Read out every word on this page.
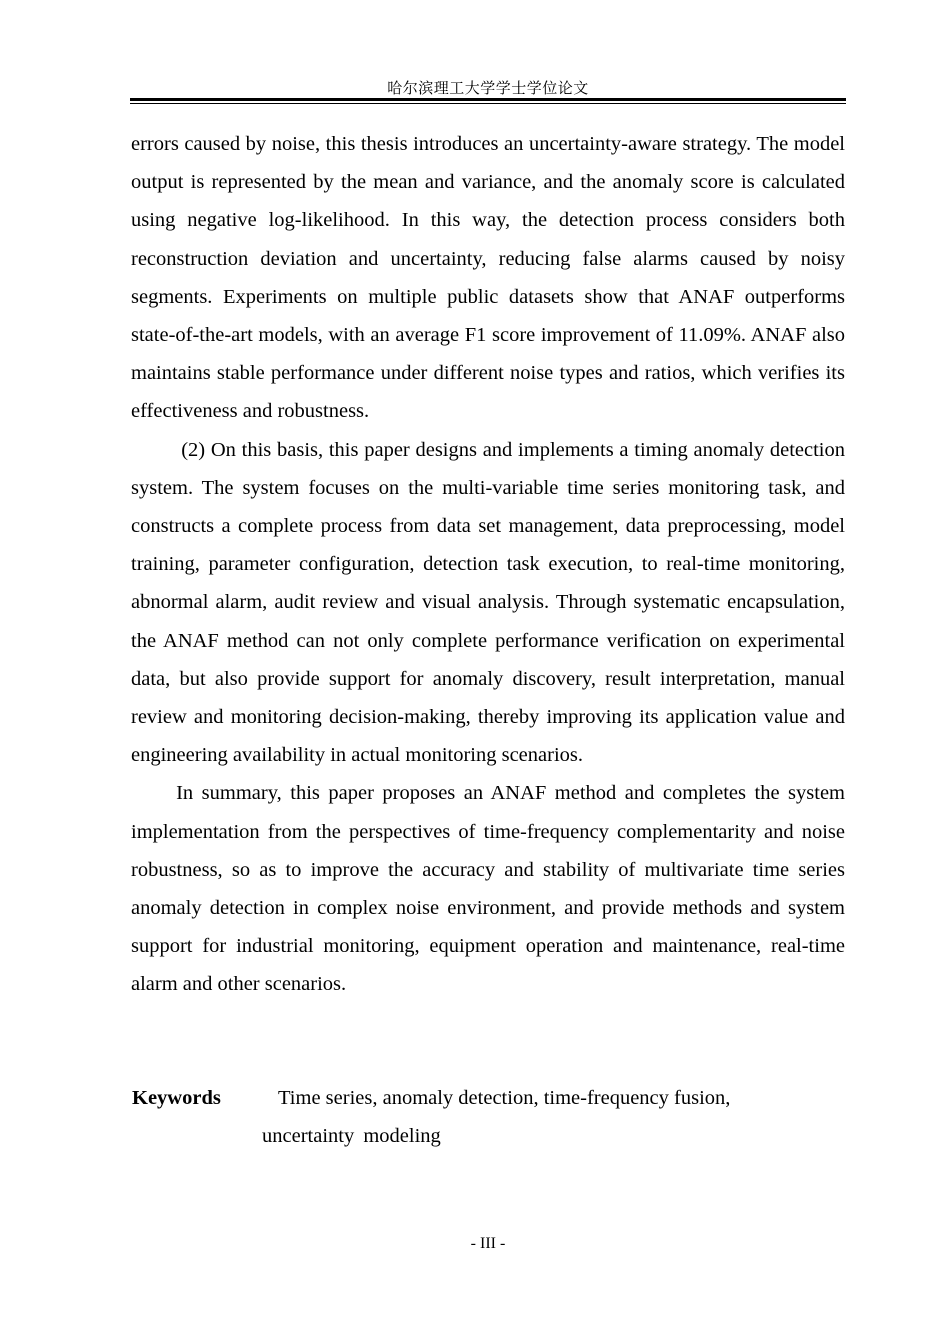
哈尔滨理工大学学士学位论文

errors caused by noise, this thesis introduces an uncertainty-aware strategy. The model output is represented by the mean and variance, and the anomaly score is calculated using negative log-likelihood. In this way, the detection process considers both reconstruction deviation and uncertainty, reducing false alarms caused by noisy segments. Experiments on multiple public datasets show that ANAF outperforms state-of-the-art models, with an average F1 score improvement of 11.09%. ANAF also maintains stable performance under different noise types and ratios, which verifies its effectiveness and robustness.

(2) On this basis, this paper designs and implements a timing anomaly detection system. The system focuses on the multi-variable time series monitoring task, and constructs a complete process from data set management, data preprocessing, model training, parameter configuration, detection task execution, to real-time monitoring, abnormal alarm, audit review and visual analysis. Through systematic encapsulation, the ANAF method can not only complete performance verification on experimental data, but also provide support for anomaly discovery, result interpretation, manual review and monitoring decision-making, thereby improving its application value and engineering availability in actual monitoring scenarios.

In summary, this paper proposes an ANAF method and completes the system implementation from the perspectives of time-frequency complementarity and noise robustness, so as to improve the accuracy and stability of multivariate time series anomaly detection in complex noise environment, and provide methods and system support for industrial monitoring, equipment operation and maintenance, real-time alarm and other scenarios.

Keywords	Time series, anomaly detection, time-frequency fusion,
uncertainty modeling
- III -
